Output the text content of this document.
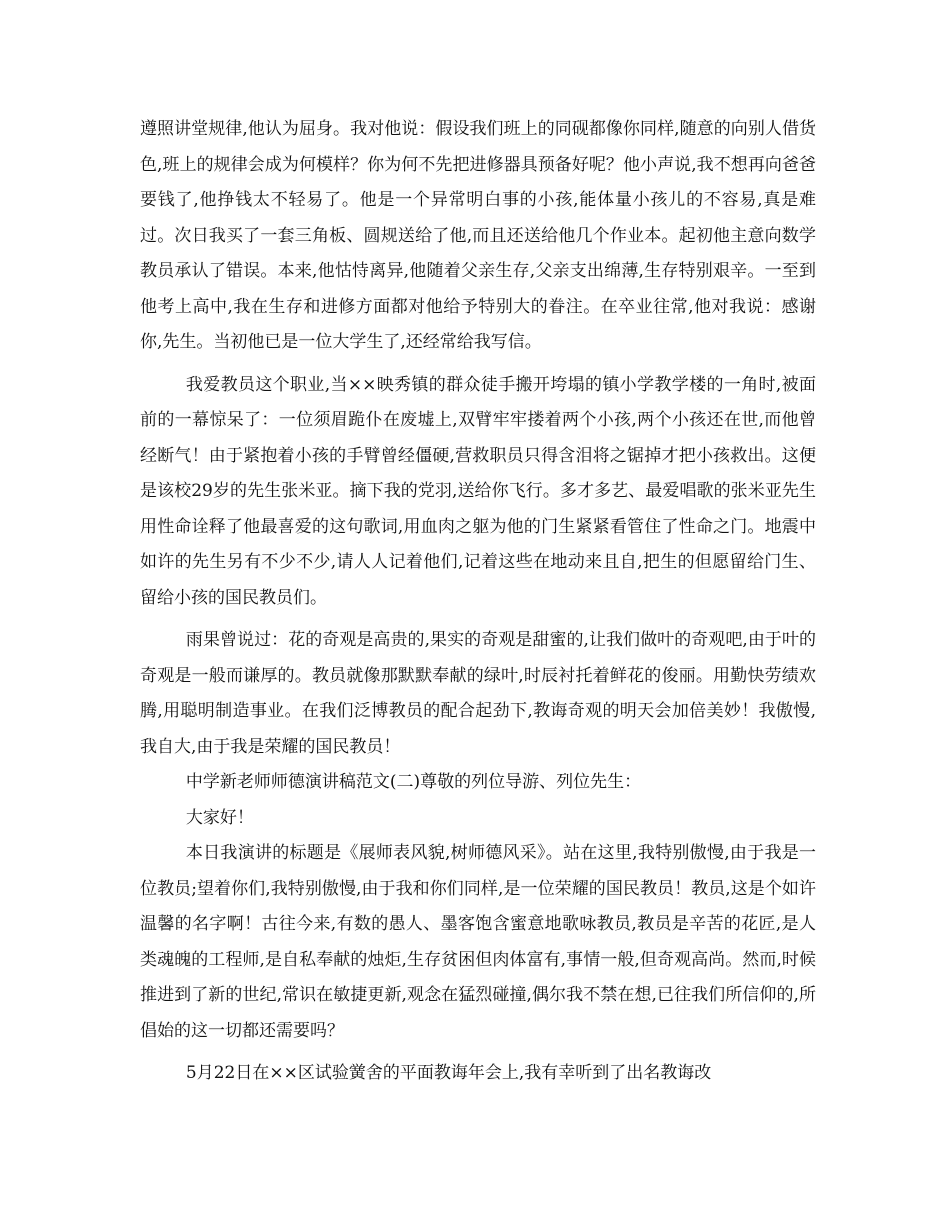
遵照讲堂规律,他认为屈身。我对他说：假设我们班上的同砚都像你同样,随意的向别人借货色,班上的规律会成为何模样？你为何不先把进修器具预备好呢？他小声说,我不想再向爸爸要钱了,他挣钱太不轻易了。他是一个异常明白事的小孩,能体量小孩儿的不容易,真是难过。次日我买了一套三角板、圆规送给了他,而且还送给他几个作业本。起初他主意向数学教员承认了错误。本来,他怙恃离异,他随着父亲生存,父亲支出绵薄,生存特别艰辛。一至到他考上高中,我在生存和进修方面都对他给予特别大的眷注。在卒业往常,他对我说：感谢你,先生。当初他已是一位大学生了,还经常给我写信。

我爱教员这个职业,当××映秀镇的群众徒手搬开垮塌的镇小学教学楼的一角时,被面前的一幕惊呆了：一位须眉跪仆在废墟上,双臂牢牢搂着两个小孩,两个小孩还在世,而他曾经断气！由于紧抱着小孩的手臂曾经僵硬,营救职员只得含泪将之锯掉才把小孩救出。这便是该校29岁的先生张米亚。摘下我的党羽,送给你飞行。多才多艺、最爱唱歌的张米亚先生用性命诠释了他最喜爱的这句歌词,用血肉之躯为他的门生紧紧看管住了性命之门。地震中如许的先生另有不少不少,请人人记着他们,记着这些在地动来且自,把生的但愿留给门生、留给小孩的国民教员们。

雨果曾说过：花的奇观是高贵的,果实的奇观是甜蜜的,让我们做叶的奇观吧,由于叶的奇观是一般而谦厚的。教员就像那默默奉献的绿叶,时辰衬托着鲜花的俊丽。用勤快劳绩欢腾,用聪明制造事业。在我们泛博教员的配合起劲下,教诲奇观的明天会加倍美妙！我傲慢,我自大,由于我是荣耀的国民教员！

中学新老师师德演讲稿范文(二)尊敬的列位导游、列位先生：

大家好！

本日我演讲的标题是《展师表风貌,树师德风采》。站在这里,我特别傲慢,由于我是一位教员;望着你们,我特别傲慢,由于我和你们同样,是一位荣耀的国民教员！教员,这是个如许温馨的名字啊！古往今来,有数的愚人、墨客饱含蜜意地歌咏教员,教员是辛苦的花匠,是人类魂魄的工程师,是自私奉献的烛炬,生存贫困但肉体富有,事情一般,但奇观高尚。然而,时候推进到了新的世纪,常识在敏捷更新,观念在猛烈碰撞,偶尔我不禁在想,已往我们所信仰的,所倡始的这一切都还需要吗？

5月22日在××区试验黉舍的平面教诲年会上,我有幸听到了出名教诲改
